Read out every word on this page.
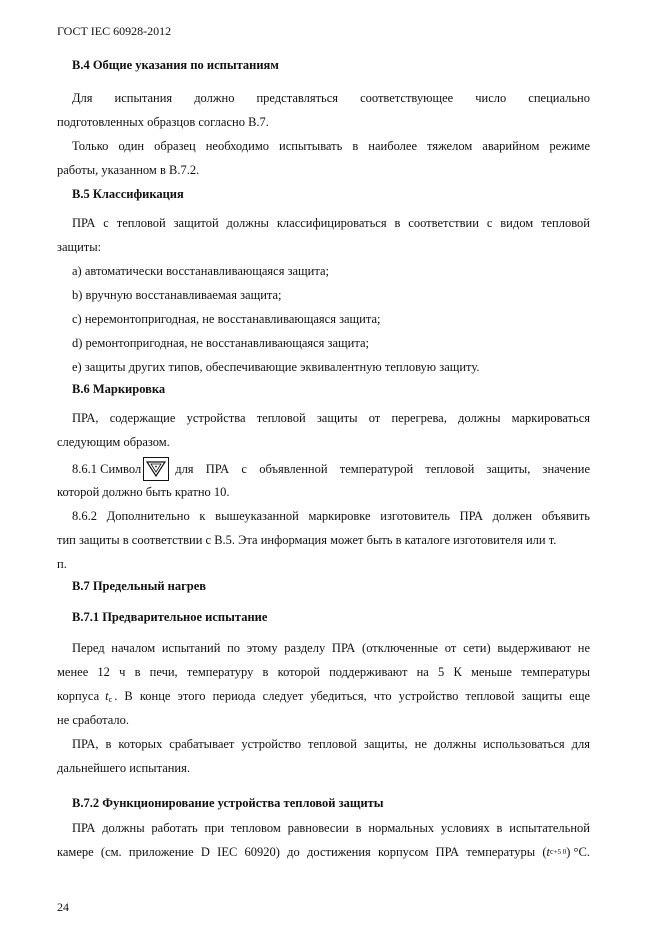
ГОСТ IEC 60928-2012
B.4 Общие указания по испытаниям
Для испытания должно представляться соответствующее число специально
подготовленных образцов согласно В.7.
Только один образец необходимо испытывать в наиболее тяжелом аварийном режиме
работы, указанном в В.7.2.
B.5 Классификация
ПРА с тепловой защитой должны классифицироваться в соответствии с видом тепловой
защиты:
a) автоматически восстанавливающаяся защита;
b) вручную восстанавливаемая защита;
c) неремонтопригодная, не восстанавливающаяся защита;
d) ремонтопригодная, не восстанавливающаяся защита;
e) защиты других типов, обеспечивающие эквивалентную тепловую защиту.
B.6 Маркировка
ПРА, содержащие устройства тепловой защиты от перегрева, должны маркироваться
следующим образом.
8.6.1 Символ	для ПРА с объявленной температурой тепловой защиты, значение
которой должно быть кратно 10.
8.6.2 Дополнительно к вышеуказанной маркировке изготовитель ПРА должен объявить
тип защиты в соответствии с В.5. Эта информация может быть в каталоге изготовителя или т.
п.
B.7 Предельный нагрев
B.7.1 Предварительное испытание
Перед началом испытаний по этому разделу ПРА (отключенные от сети) выдерживают не
менее 12 ч в печи, температуру в которой поддерживают на 5 К меньше температуры
корпуса $t_c$ . В конце этого периода следует убедиться, что устройство тепловой защиты еще
не сработало.
ПРА, в которых срабатывает устройство тепловой защиты, не должны использоваться для
дальнейшего испытания.
B.7.2 Функционирование устройства тепловой защиты
ПРА должны работать при тепловом равновесии в нормальных условиях в испытательной
камере (см. приложение D IEC 60920) до достижения корпусом ПРА температуры ( t c +5 0 ) °С.
24
